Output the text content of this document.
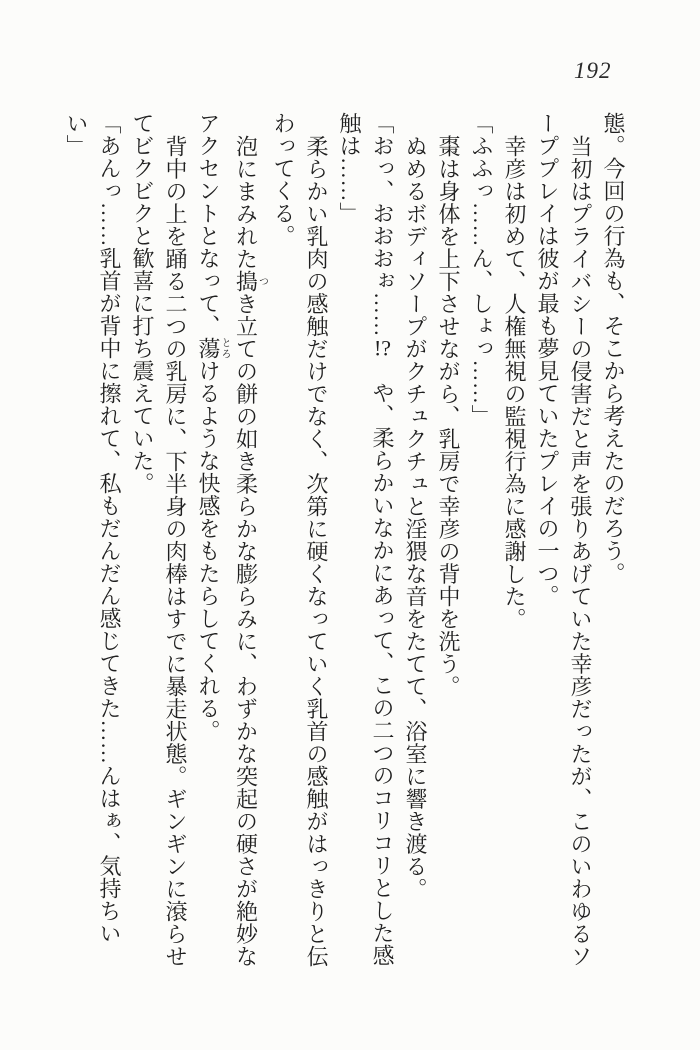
192
態。今回の行為も、そこから考えたのだろう。
当初はプライバシーの侵害だと声を張りあげていた幸彦だったが、このいわゆるソ
ーププレイは彼が最も夢見ていたプレイの一つ。
幸彦は初めて、人権無視の監視行為に感謝した。
「ふふっ……ん、しょっ……」
棗は身体を上下させながら、乳房で幸彦の背中を洗う。
ぬめるボディソープがクチュクチュと淫猥な音をたてて、浴室に響き渡る。
「おっ、おおおぉ……!?　や、柔らかいなかにあって、この二つのコリコリとした感
触は……」
柔らかい乳肉の感触だけでなく、次第に硬くなっていく乳首の感触がはっきりと伝
わってくる。
泡にまみれた搗つき立ての餅の如き柔らかな膨らみに、わずかな突起の硬さが絶妙な
アクセントとなって、蕩とろけるような快感をもたらしてくれる。
背中の上を踊る二つの乳房に、下半身の肉棒はすでに暴走状態。ギンギンに滾らせ
てビクビクと歓喜に打ち震えていた。
「あんっ……乳首が背中に擦れて、私もだんだん感じてきた……んはぁ、気持ちい
い」
